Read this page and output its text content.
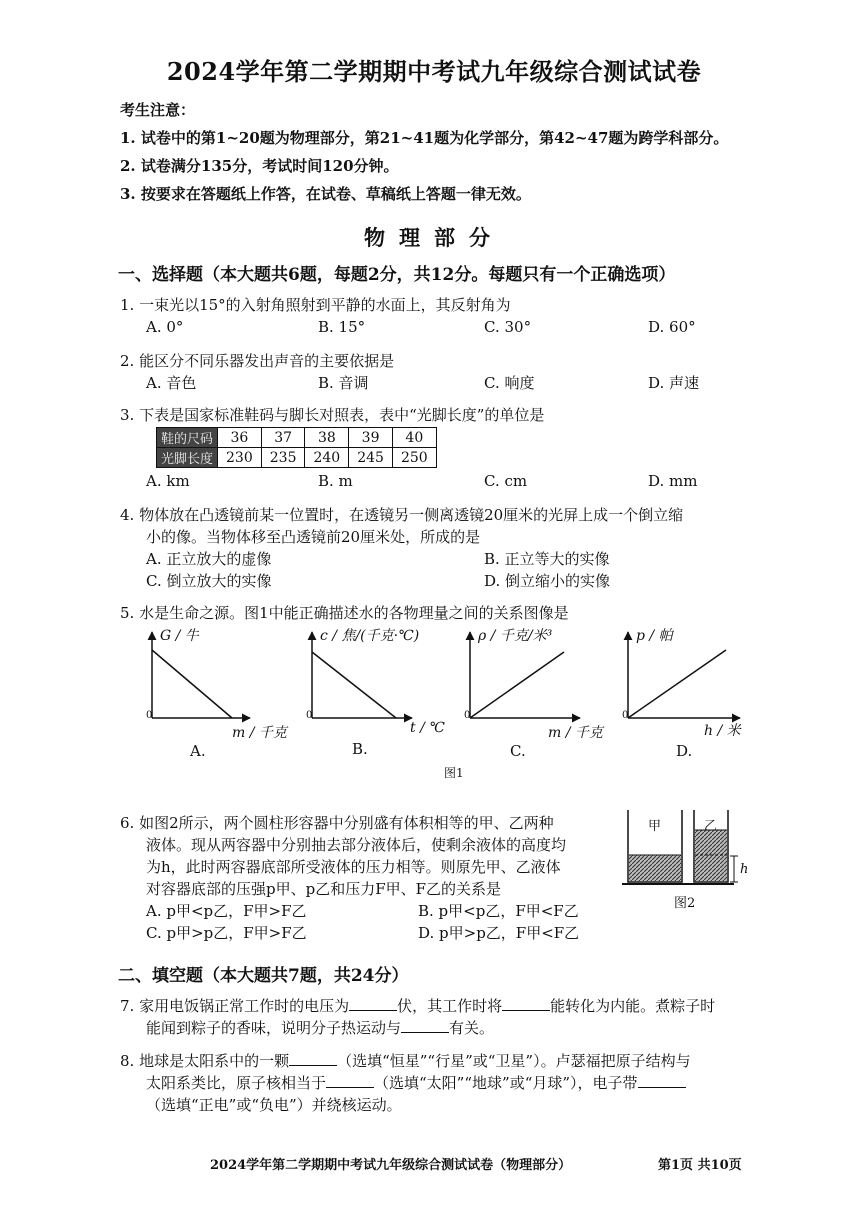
2024学年第二学期期中考试九年级综合测试试卷
考生注意：
1. 试卷中的第1~20题为物理部分，第21~41题为化学部分，第42~47题为跨学科部分。
2. 试卷满分135分，考试时间120分钟。
3. 按要求在答题纸上作答，在试卷、草稿纸上答题一律无效。
物理部分
一、选择题（本大题共6题，每题2分，共12分。每题只有一个正确选项）
1. 一束光以15°的入射角照射到平静的水面上，其反射角为
A. 0°	B. 15°	C. 30°	D. 60°
2. 能区分不同乐器发出声音的主要依据是
A. 音色	B. 音调	C. 响度	D. 声速
3. 下表是国家标准鞋码与脚长对照表，表中“光脚长度”的单位是
鞋的尺码	36	37	38	39	40
光脚长度	230	235	240	245	250
A. km	B. m	C. cm	D. mm
4. 物体放在凸透镜前某一位置时，在透镜另一侧离透镜20厘米的光屏上成一个倒立缩
小的像。当物体移至凸透镜前20厘米处，所成的是
A. 正立放大的虚像	B. 正立等大的实像
C. 倒立放大的实像	D. 倒立缩小的实像
5. 水是生命之源。图1中能正确描述水的各物理量之间的关系图像是
G / 牛
m / 千克
A.
c / 焦/(千克·℃)
t / ℃
B.
ρ / 千克/米³
m / 千克
C.
p / 帕
h / 米
D.
0	0	0	0
图1
6. 如图2所示，两个圆柱形容器中分别盛有体积相等的甲、乙两种
液体。现从两容器中分别抽去部分液体后，使剩余液体的高度均
为h，此时两容器底部所受液体的压力相等。则原先甲、乙液体
对容器底部的压强p甲、p乙和压力F甲、F乙的关系是
A. p甲<p乙，F甲>F乙	B. p甲<p乙，F甲<F乙
C. p甲>p乙，F甲>F乙	D. p甲>p乙，F甲<F乙
甲	乙
h
图2
二、填空题（本大题共7题，共24分）
7. 家用电饭锅正常工作时的电压为	伏，其工作时将	能转化为内能。煮粽子时
能闻到粽子的香味，说明分子热运动与	有关。
8. 地球是太阳系中的一颗	（选填“恒星”“行星”或“卫星”）。卢瑟福把原子结构与
太阳系类比，原子核相当于	（选填“太阳”“地球”或“月球”），电子带
（选填“正电”或“负电”）并绕核运动。
2024学年第二学期期中考试九年级综合测试试卷（物理部分）	第1页 共10页
